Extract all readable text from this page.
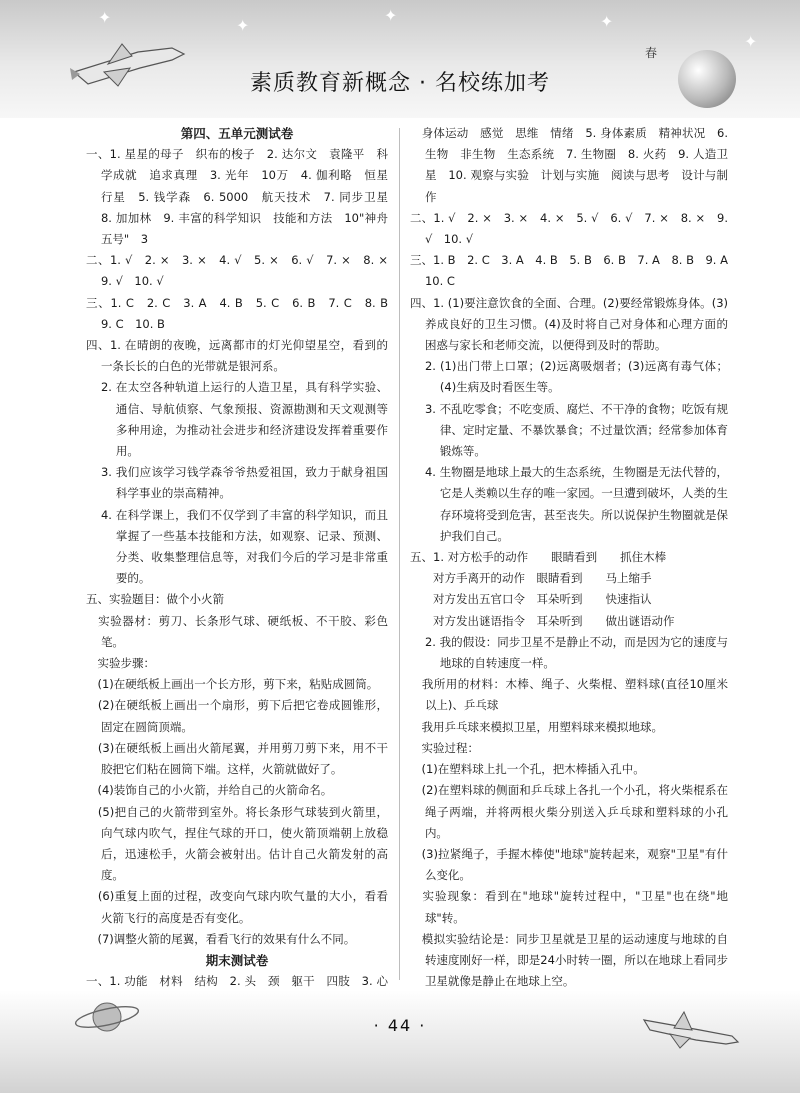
✦	✦
✦	✦
✦
素质教育新概念 · 名校练加考
春

第四、五单元测试卷

一、1. 星星的母子　织布的梭子　2. 达尔文　袁隆平　科学成就　追求真理　3. 光年　10万　4. 伽利略　恒星　行星　5. 钱学森　6. 5000　航天技术　7. 同步卫星　8. 加加林　9. 丰富的科学知识　技能和方法　10"神舟五号"　3

二、1. √　2. ×　3. ×　4. √　5. ×　6. √　7. ×　8. ×　9. √　10. √

三、1. C　2. C　3. A　4. B　5. C　6. B　7. C　8. B　9. C　10. B

四、1. 在晴朗的夜晚，远离都市的灯光仰望星空，看到的一条长长的白色的光带就是银河系。

2. 在太空各种轨道上运行的人造卫星，具有科学实验、通信、导航侦察、气象预报、资源勘测和天文观测等多种用途，为推动社会进步和经济建设发挥着重要作用。

3. 我们应该学习钱学森爷爷热爱祖国，致力于献身祖国科学事业的崇高精神。

4. 在科学课上，我们不仅学到了丰富的科学知识，而且掌握了一些基本技能和方法，如观察、记录、预测、分类、收集整理信息等，对我们今后的学习是非常重要的。

五、实验题目：做个小火箭

　实验器材：剪刀、长条形气球、硬纸板、不干胶、彩色笔。

　实验步骤：

　(1)在硬纸板上画出一个长方形，剪下来，粘贴成圆筒。

　(2)在硬纸板上画出一个扇形，剪下后把它卷成圆锥形，固定在圆筒顶端。

　(3)在硬纸板上画出火箭尾翼，并用剪刀剪下来，用不干胶把它们粘在圆筒下端。这样，火箭就做好了。

　(4)装饰自己的小火箭，并给自己的火箭命名。

　(5)把自己的火箭带到室外。将长条形气球装到火箭里，向气球内吹气，捏住气球的开口，使火箭顶端朝上放稳后，迅速松手，火箭会被射出。估计自己火箭发射的高度。

　(6)重复上面的过程，改变向气球内吹气量的大小，看看火箭飞行的高度是否有变化。

　(7)调整火箭的尾翼，看看飞行的效果有什么不同。

期末测试卷

一、1. 功能　材料　结构　2. 头　颈　躯干　四肢　3. 心　　　　 　　

　身体运动　感觉　思维　情绪　5. 身体素质　精神状况　6. 生物　非生物　生态系统　7. 生物圈　8. 火药　9. 人造卫星　10. 观察与实验　计划与实施　阅读与思考　设计与制作

二、1. √　2. ×　3. ×　4. ×　5. √　6. √　7. ×　8. ×　9. √　10. √

三、1. B　2. C　3. A　4. B　5. B　6. B　7. A　8. B　9. A　10. C

四、1. (1)要注意饮食的全面、合理。(2)要经常锻炼身体。(3)养成良好的卫生习惯。(4)及时将自己对身体和心理方面的困惑与家长和老师交流，以便得到及时的帮助。

2. (1)出门带上口罩；(2)远离吸烟者；(3)远离有毒气体；(4)生病及时看医生等。

3. 不乱吃零食；不吃变质、腐烂、不干净的食物；吃饭有规律、定时定量、不暴饮暴食；不过量饮酒；经常参加体育锻炼等。

4. 生物圈是地球上最大的生态系统，生物圈是无法代替的，它是人类赖以生存的唯一家园。一旦遭到破坏，人类的生存环境将受到危害，甚至丧失。所以说保护生物圈就是保护我们自己。

五、1. 对方松手的动作　　眼睛看到　　抓住木棒

　　对方手离开的动作　眼睛看到　　马上缩手

　　对方发出五官口令　耳朵听到　　快速指认

　　对方发出谜语指令　耳朵听到　　做出谜语动作

2. 我的假设：同步卫星不是静止不动，而是因为它的速度与地球的自转速度一样。

　我所用的材料：木棒、绳子、火柴棍、塑料球(直径10厘米以上)、乒乓球

　我用乒乓球来模拟卫星，用塑料球来模拟地球。

　实验过程：

　(1)在塑料球上扎一个孔，把木棒插入孔中。

　(2)在塑料球的侧面和乒乓球上各扎一个小孔，将火柴棍系在绳子两端，并将两根火柴分别送入乒乓球和塑料球的小孔内。

　(3)拉紧绳子，手握木棒使"地球"旋转起来，观察"卫星"有什么变化。

　实验现象：看到在"地球"旋转过程中，"卫星"也在绕"地球"转。

　模拟实验结论是：同步卫星就是卫星的运动速度与地球的自转速度刚好一样，即是24小时转一圈，所以在地球上看同步卫星就像是静止在地球上空。

· 44 ·
